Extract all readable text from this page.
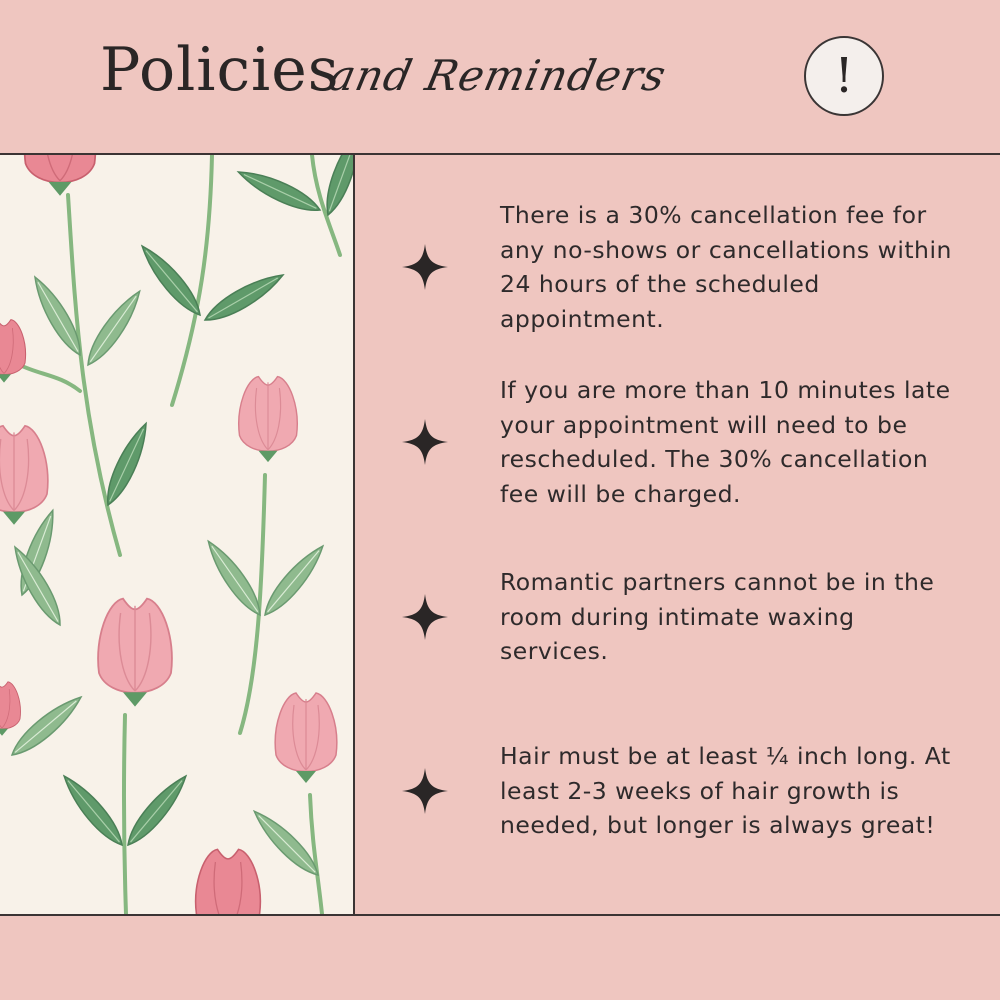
Policies
and Reminders	!
There is a 30% cancellation fee for any no-shows or cancellations within 24 hours of the scheduled appointment.
If you are more than 10 minutes late your appointment will need to be rescheduled. The 30% cancellation fee will be charged.
Romantic partners cannot be in the room during intimate waxing services.
Hair must be at least ¼ inch long. At least 2-3 weeks of hair growth is needed, but longer is always great!
